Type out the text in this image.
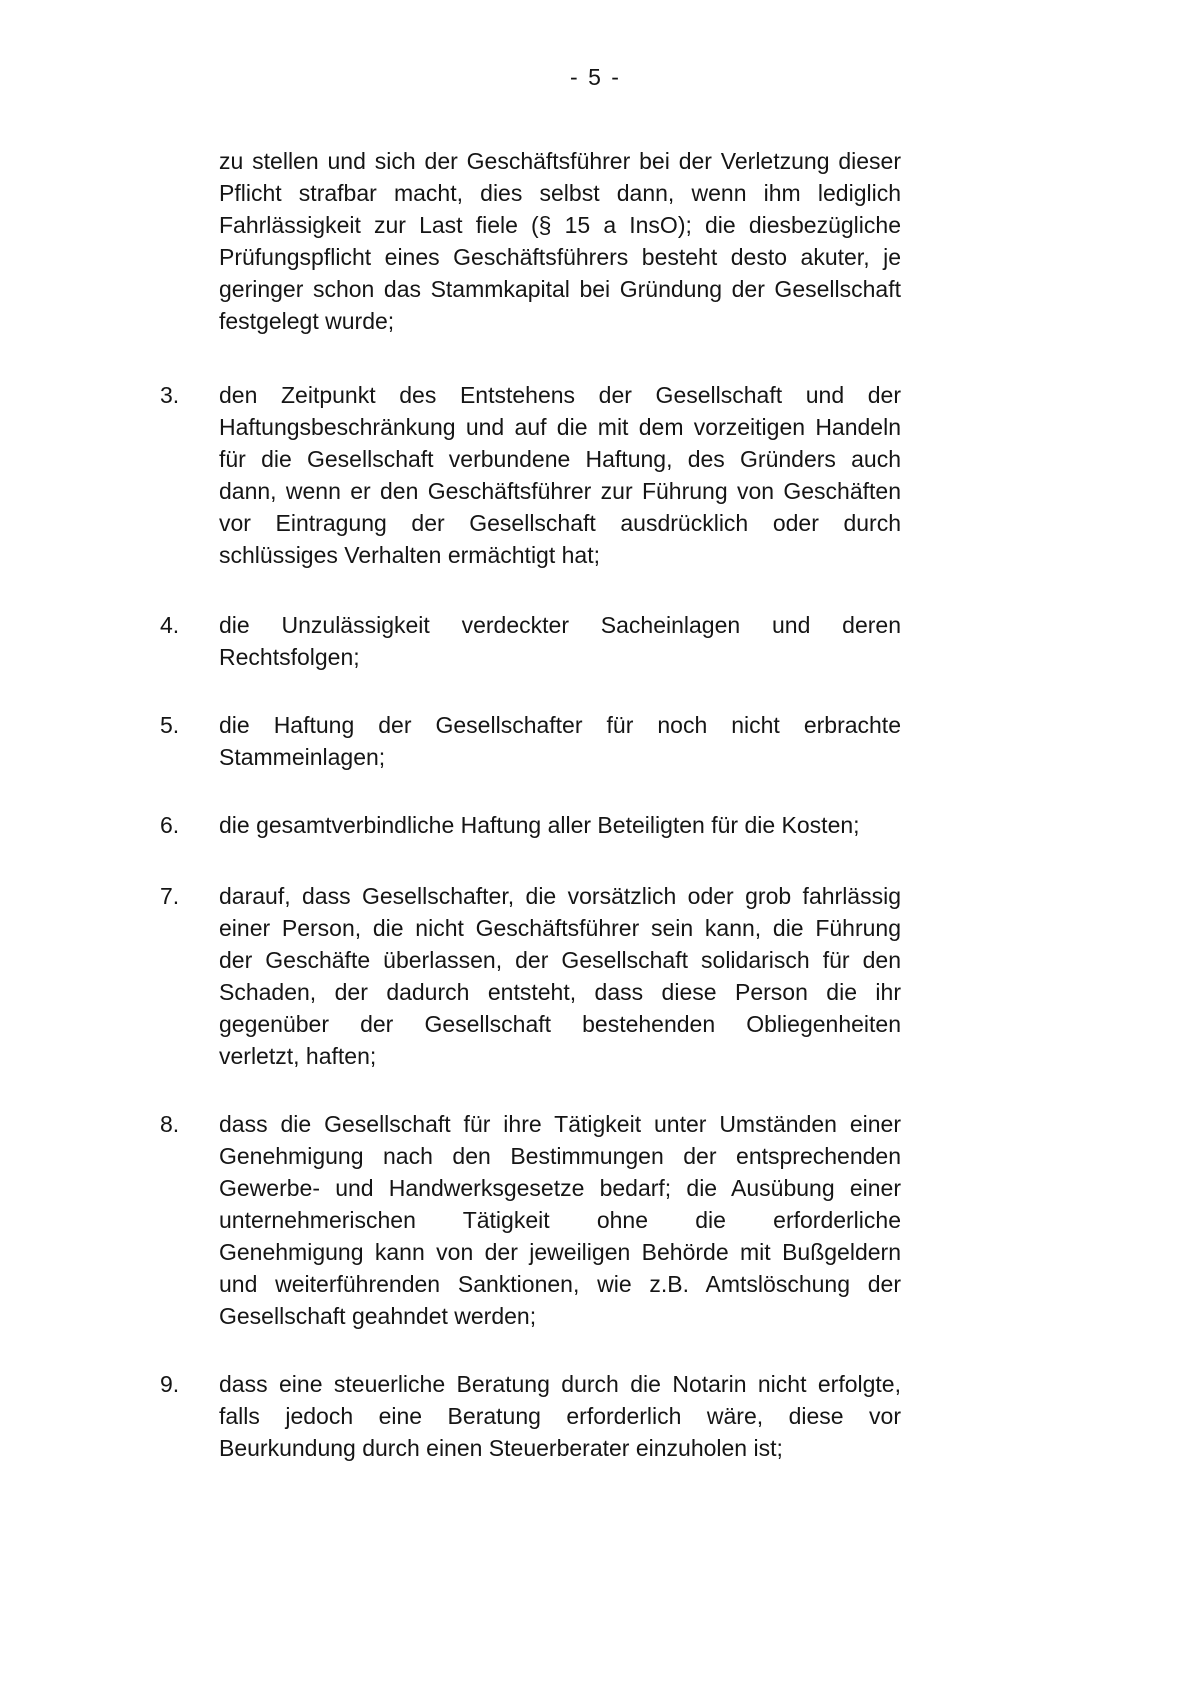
- 5 -
zu stellen und sich der Geschäftsführer bei der Verletzung dieser
Pflicht strafbar macht, dies selbst dann, wenn ihm lediglich
Fahrlässigkeit zur Last fiele (§ 15 a InsO); die diesbezügliche
Prüfungspflicht eines Geschäftsführers besteht desto akuter, je
geringer schon das Stammkapital bei Gründung der Gesellschaft
festgelegt wurde;
3. den Zeitpunkt des Entstehens der Gesellschaft und der
Haftungsbeschränkung und auf die mit dem vorzeitigen Handeln
für die Gesellschaft verbundene Haftung, des Gründers auch
dann, wenn er den Geschäftsführer zur Führung von Geschäften
vor Eintragung der Gesellschaft ausdrücklich oder durch
schlüssiges Verhalten ermächtigt hat;
4. die Unzulässigkeit verdeckter Sacheinlagen und deren
Rechtsfolgen;
5. die Haftung der Gesellschafter für noch nicht erbrachte
Stammeinlagen;
6. die gesamtverbindliche Haftung aller Beteiligten für die Kosten;
7. darauf, dass Gesellschafter, die vorsätzlich oder grob fahrlässig
einer Person, die nicht Geschäftsführer sein kann, die Führung
der Geschäfte überlassen, der Gesellschaft solidarisch für den
Schaden, der dadurch entsteht, dass diese Person die ihr
gegenüber der Gesellschaft bestehenden Obliegenheiten
verletzt, haften;
8. dass die Gesellschaft für ihre Tätigkeit unter Umständen einer
Genehmigung nach den Bestimmungen der entsprechenden
Gewerbe- und Handwerksgesetze bedarf; die Ausübung einer
unternehmerischen Tätigkeit ohne die erforderliche
Genehmigung kann von der jeweiligen Behörde mit Bußgeldern
und weiterführenden Sanktionen, wie z.B. Amtslöschung der
Gesellschaft geahndet werden;
9. dass eine steuerliche Beratung durch die Notarin nicht erfolgte,
falls jedoch eine Beratung erforderlich wäre, diese vor
Beurkundung durch einen Steuerberater einzuholen ist;
